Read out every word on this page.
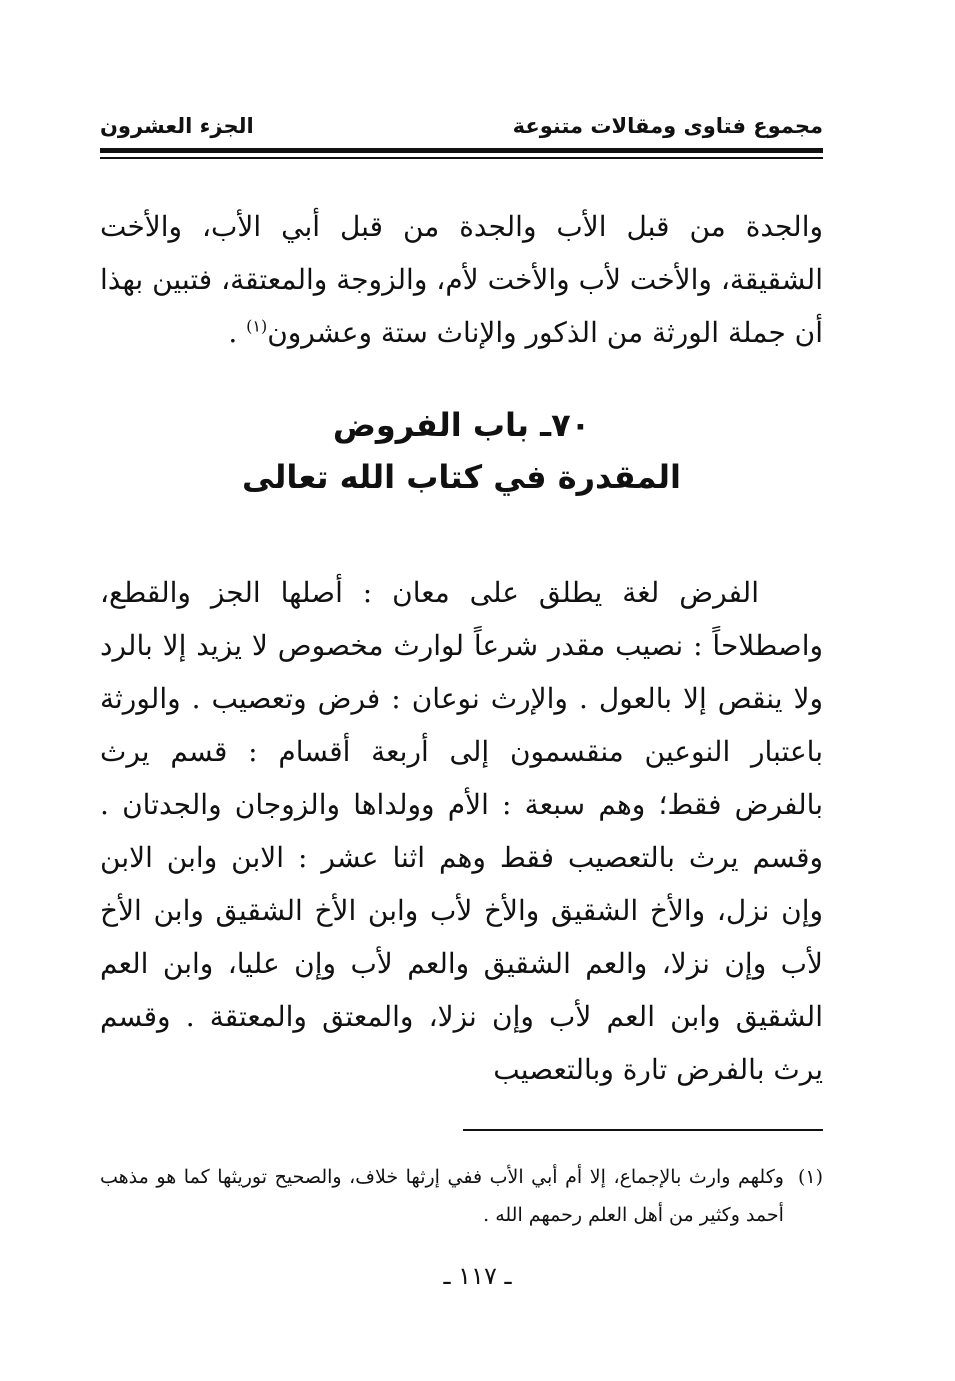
مجموع فتاوى ومقالات متنوعة
الجزء العشرون

والجدة من قبل الأب والجدة من قبل أبي الأب، والأخت الشقيقة، والأخت لأب والأخت لأم، والزوجة والمعتقة، فتبين بهذا أن جملة الورثة من الذكور والإناث ستة وعشرون$^{(١)}$ .

٧٠ـ باب الفروض
المقدرة في كتاب الله تعالى

الفرض لغة يطلق على معان : أصلها الجز والقطع، واصطلاحاً : نصيب مقدر شرعاً لوارث مخصوص لا يزيد إلا بالرد ولا ينقص إلا بالعول . والإرث نوعان : فرض وتعصيب . والورثة باعتبار النوعين منقسمون إلى أربعة أقسام : قسم يرث بالفرض فقط؛ وهم سبعة : الأم وولداها والزوجان والجدتان . وقسم يرث بالتعصيب فقط وهم اثنا عشر : الابن وابن الابن وإن نزل، والأخ الشقيق والأخ لأب وابن الأخ الشقيق وابن الأخ لأب وإن نزلا، والعم الشقيق والعم لأب وإن عليا، وابن العم الشقيق وابن العم لأب وإن نزلا، والمعتق والمعتقة . وقسم يرث بالفرض تارة وبالتعصيب

(١)
وكلهم وارث بالإجماع، إلا أم أبي الأب ففي إرثها خلاف، والصحيح توريثها كما هو مذهب أحمد وكثير من أهل العلم رحمهم الله .
ـ ١١٧ ـ
